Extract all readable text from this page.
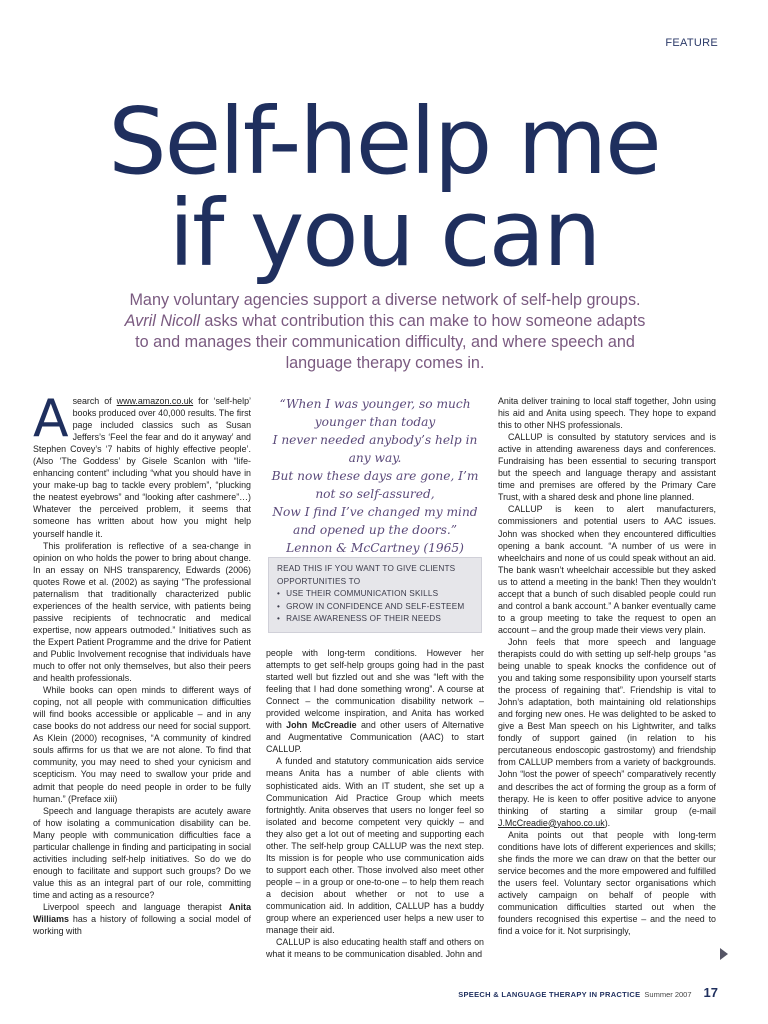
FEATURE
Self-help me
if you can
Many voluntary agencies support a diverse network of self-help groups. Avril Nicoll asks what contribution this can make to how someone adapts to and manages their communication difficulty, and where speech and language therapy comes in.

Asearch of www.amazon.co.uk for ‘self-help’ books produced over 40,000 results. The first page included classics such as Susan Jeffers’s ‘Feel the fear and do it anyway’ and Stephen Covey’s ‘7 habits of highly effective people’. (Also ‘The Goddess’ by Gisele Scanlon with “life-enhancing content” including “what you should have in your make-up bag to tackle every problem”, “plucking the neatest eyebrows” and “looking after cashmere”…) Whatever the perceived problem, it seems that someone has written about how you might help yourself handle it.

This proliferation is reflective of a sea-change in opinion on who holds the power to bring about change. In an essay on NHS transparency, Edwards (2006) quotes Rowe et al. (2002) as saying “The professional paternalism that traditionally characterized public experiences of the health service, with patients being passive recipients of technocratic and medical expertise, now appears outmoded.” Initiatives such as the Expert Patient Programme and the drive for Patient and Public Involvement recognise that individuals have much to offer not only themselves, but also their peers and health professionals.

While books can open minds to different ways of coping, not all people with communication difficulties will find books accessible or applicable – and in any case books do not address our need for social support. As Klein (2000) recognises, “A community of kindred souls affirms for us that we are not alone. To find that community, you may need to shed your cynicism and scepticism. You may need to swallow your pride and admit that people do need people in order to be fully human.” (Preface xiii)

Speech and language therapists are acutely aware of how isolating a communication disability can be. Many people with communication difficulties face a particular challenge in finding and participating in social activities including self-help initiatives. So do we do enough to facilitate and support such groups? Do we value this as an integral part of our role, committing time and acting as a resource?

Liverpool speech and language therapist Anita Williams has a history of following a social model of working with

“When I was younger, so much younger than today

I never needed anybody’s help in any way.

But now these days are gone, I’m not so self-assured,

Now I find I’ve changed my mind and opened up the doors.”

Lennon & McCartney (1965)

READ THIS IF YOU WANT TO GIVE CLIENTS OPPORTUNITIES TO
• USE THEIR COMMUNICATION SKILLS
• GROW IN CONFIDENCE AND SELF-ESTEEM
• RAISE AWARENESS OF THEIR NEEDS

people with long-term conditions. However her attempts to get self-help groups going had in the past started well but fizzled out and she was “left with the feeling that I had done something wrong”. A course at Connect – the communication disability network – provided welcome inspiration, and Anita has worked with John McCreadie and other users of Alternative and Augmentative Communication (AAC) to start CALLUP.

A funded and statutory communication aids service means Anita has a number of able clients with sophisticated aids. With an IT student, she set up a Communication Aid Practice Group which meets fortnightly. Anita observes that users no longer feel so isolated and become competent very quickly – and they also get a lot out of meeting and supporting each other. The self-help group CALLUP was the next step. Its mission is for people who use communication aids to support each other. Those involved also meet other people – in a group or one-to-one – to help them reach a decision about whether or not to use a communication aid. In addition, CALLUP has a buddy group where an experienced user helps a new user to manage their aid.

CALLUP is also educating health staff and others on what it means to be communication disabled. John and

Anita deliver training to local staff together, John using his aid and Anita using speech. They hope to expand this to other NHS professionals.

CALLUP is consulted by statutory services and is active in attending awareness days and conferences. Fundraising has been essential to securing transport but the speech and language therapy and assistant time and premises are offered by the Primary Care Trust, with a shared desk and phone line planned.

CALLUP is keen to alert manufacturers, commissioners and potential users to AAC issues. John was shocked when they encountered difficulties opening a bank account. “A number of us were in wheelchairs and none of us could speak without an aid. The bank wasn’t wheelchair accessible but they asked us to attend a meeting in the bank! Then they wouldn’t accept that a bunch of such disabled people could run and control a bank account.” A banker eventually came to a group meeting to take the request to open an account – and the group made their views very plain.

John feels that more speech and language therapists could do with setting up self-help groups “as being unable to speak knocks the confidence out of you and taking some responsibility upon yourself starts the process of regaining that”. Friendship is vital to John’s adaptation, both maintaining old relationships and forging new ones. He was delighted to be asked to give a Best Man speech on his Lightwriter, and talks fondly of support gained (in relation to his percutaneous endoscopic gastrostomy) and friendship from CALLUP members from a variety of backgrounds. John “lost the power of speech” comparatively recently and describes the act of forming the group as a form of therapy. He is keen to offer positive advice to anyone thinking of starting a similar group (e-mail J.McCreadie@yahoo.co.uk).

Anita points out that people with long-term conditions have lots of different experiences and skills; she finds the more we can draw on that the better our service becomes and the more empowered and fulfilled the users feel. Voluntary sector organisations which actively campaign on behalf of people with communication difficulties started out when the founders recognised this expertise – and the need to find a voice for it. Not surprisingly,

SPEECH & LANGUAGE THERAPY IN PRACTICE Summer 2007 17
